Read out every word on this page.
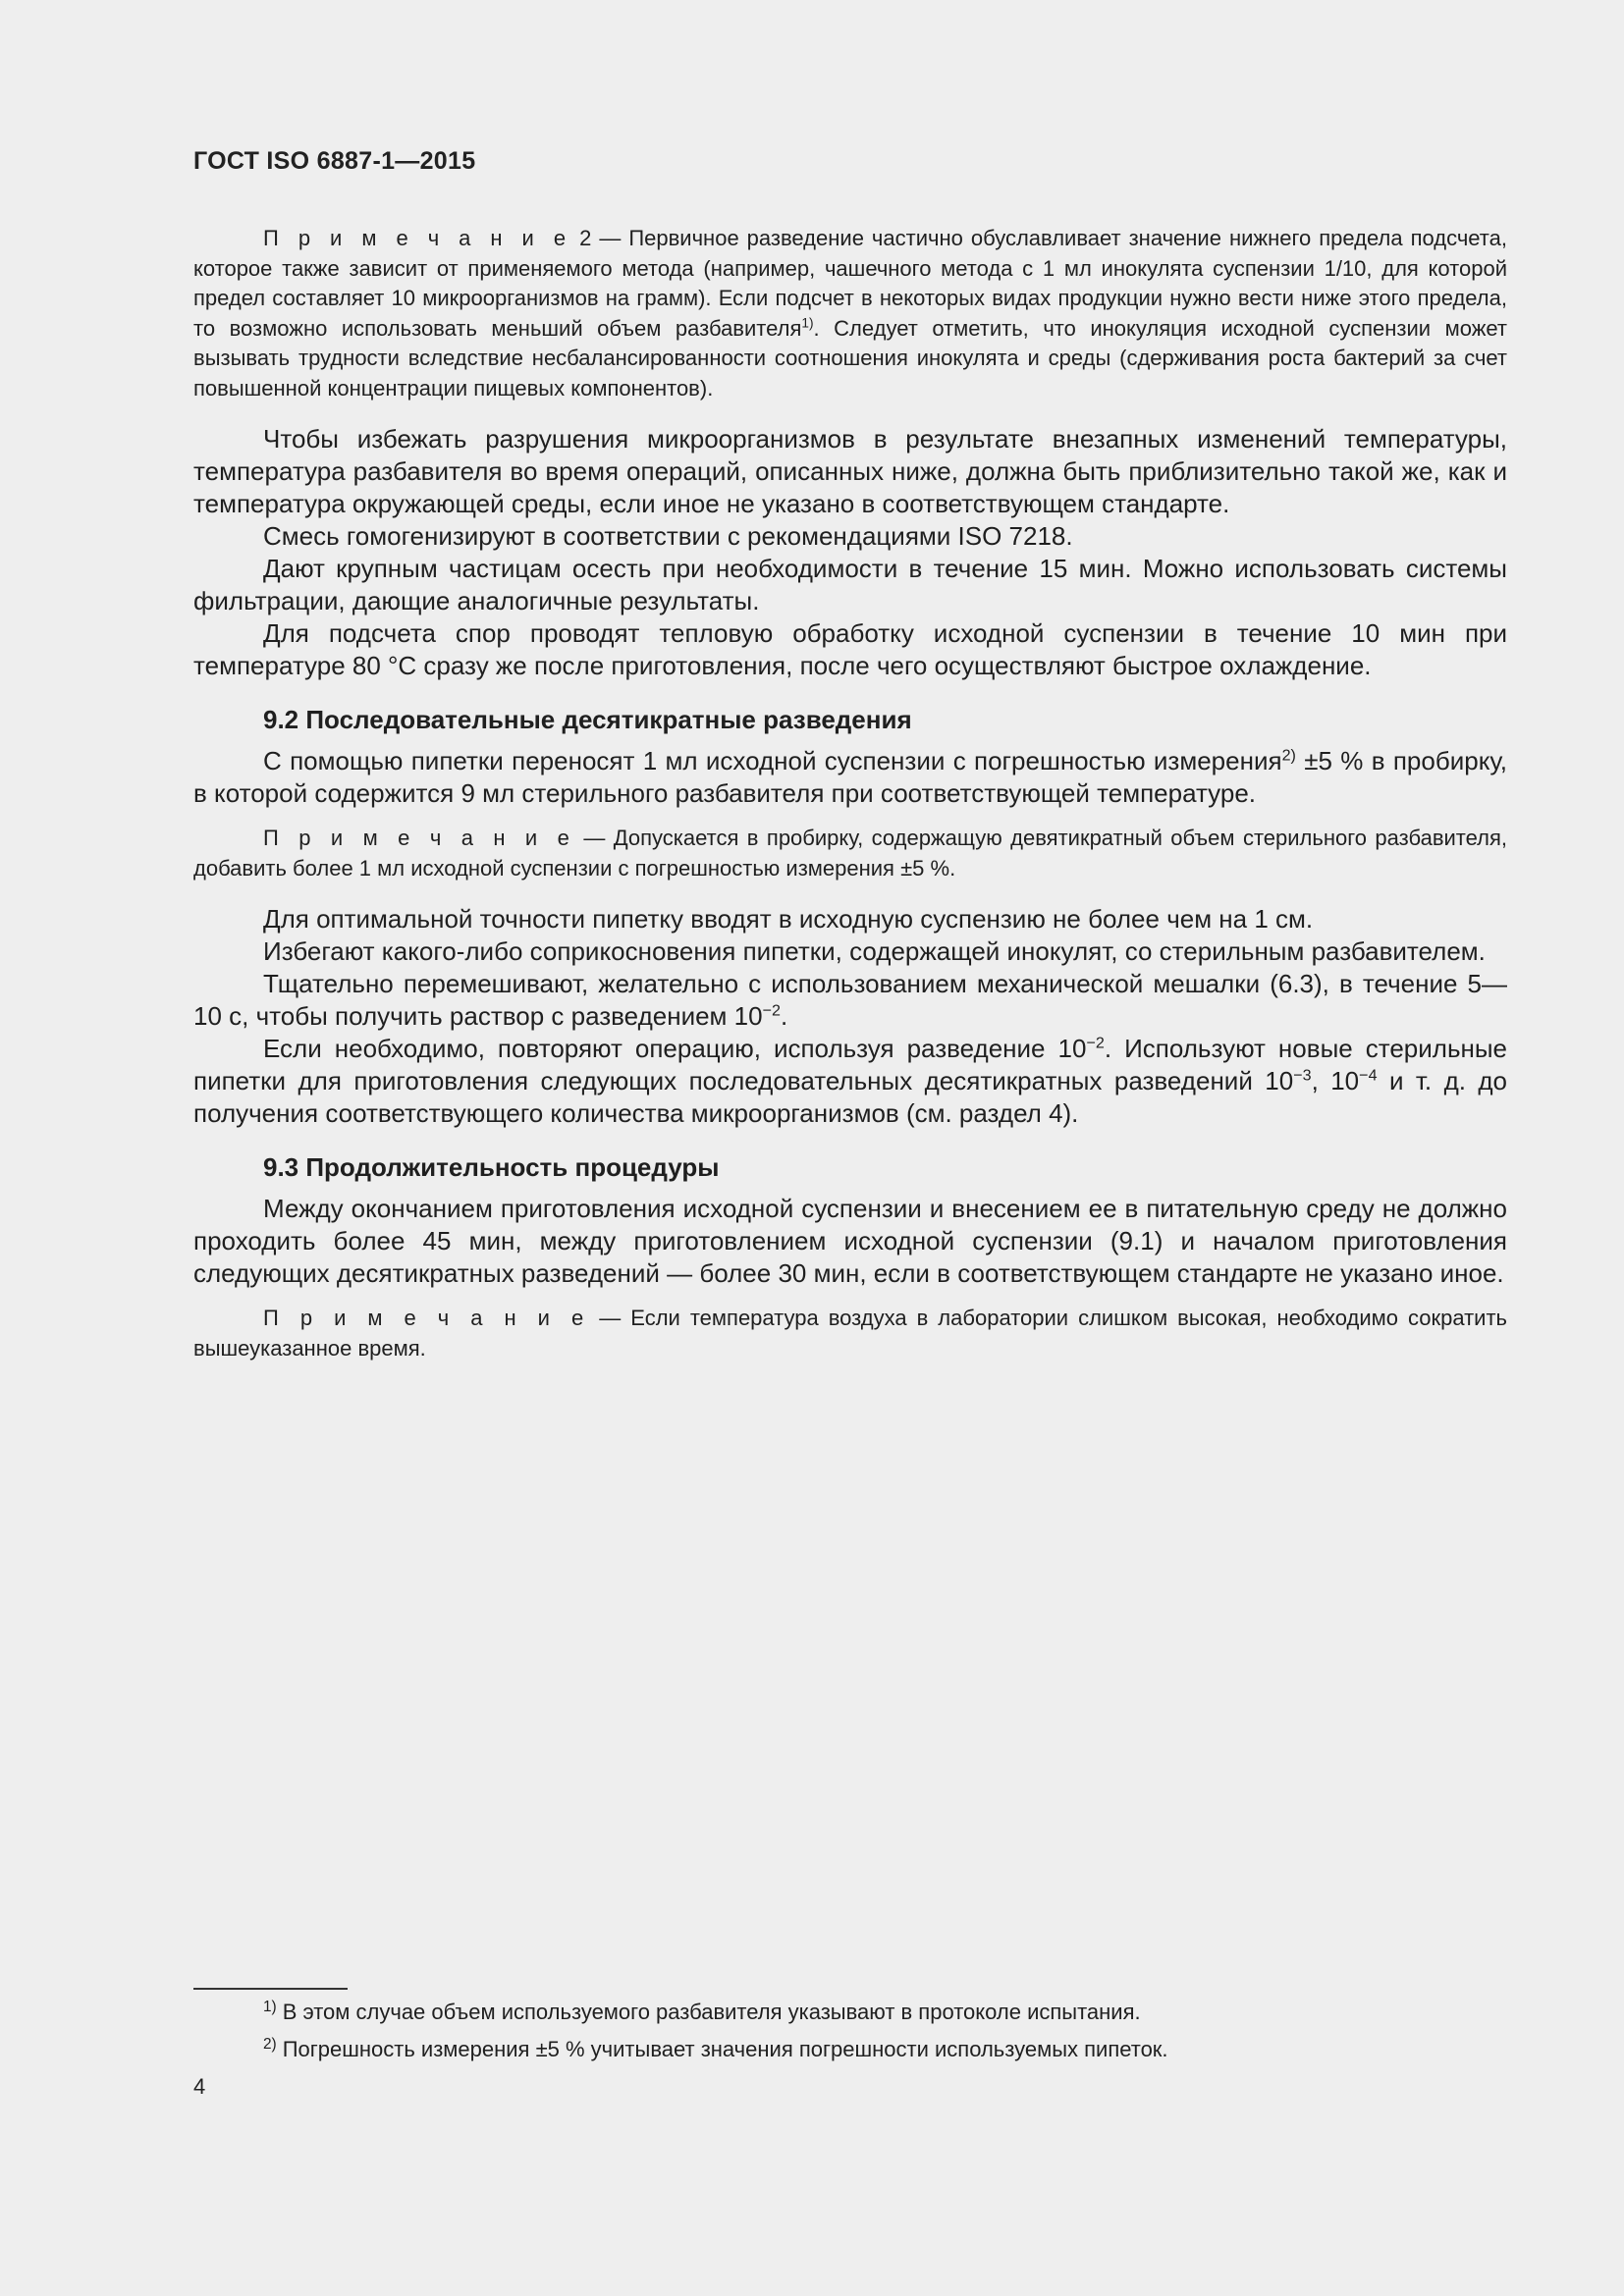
ГОСТ ISO 6887-1—2015

П р и м е ч а н и е 2 — Первичное разведение частично обуславливает значение нижнего предела подсчета, которое также зависит от применяемого метода (например, чашечного метода с 1 мл инокулята суспензии 1/10, для которой предел составляет 10 микроорганизмов на грамм). Если подсчет в некоторых видах продукции нужно вести ниже этого предела, то возможно использовать меньший объем разбавителя$^{1)}$. Следует отметить, что инокуляция исходной суспензии может вызывать трудности вследствие несбалансированности соотношения инокулята и среды (сдерживания роста бактерий за счет повышенной концентрации пищевых компонентов).

Чтобы избежать разрушения микроорганизмов в результате внезапных изменений температуры, температура разбавителя во время операций, описанных ниже, должна быть приблизительно такой же, как и температура окружающей среды, если иное не указано в соответствующем стандарте.

Смесь гомогенизируют в соответствии с рекомендациями ISO 7218.

Дают крупным частицам осесть при необходимости в течение 15 мин. Можно использовать системы фильтрации, дающие аналогичные результаты.

Для подсчета спор проводят тепловую обработку исходной суспензии в течение 10 мин при температуре 80 °С сразу же после приготовления, после чего осуществляют быстрое охлаждение.

9.2 Последовательные десятикратные разведения

С помощью пипетки переносят 1 мл исходной суспензии с погрешностью измерения$^{2)}$ ±5 % в пробирку, в которой содержится 9 мл стерильного разбавителя при соответствующей температуре.

П р и м е ч а н и е — Допускается в пробирку, содержащую девятикратный объем стерильного разбавителя, добавить более 1 мл исходной суспензии с погрешностью измерения ±5 %.

Для оптимальной точности пипетку вводят в исходную суспензию не более чем на 1 см.

Избегают какого-либо соприкосновения пипетки, содержащей инокулят, со стерильным разбавителем.

Тщательно перемешивают, желательно с использованием механической мешалки (6.3), в течение 5—10 с, чтобы получить раствор с разведением $10^{-2}$.

Если необходимо, повторяют операцию, используя разведение $10^{-2}$. Используют новые стерильные пипетки для приготовления следующих последовательных десятикратных разведений $10^{-3}$, $10^{-4}$ и т. д. до получения соответствующего количества микроорганизмов (см. раздел 4).

9.3 Продолжительность процедуры

Между окончанием приготовления исходной суспензии и внесением ее в питательную среду не должно проходить более 45 мин, между приготовлением исходной суспензии (9.1) и началом приготовления следующих десятикратных разведений — более 30 мин, если в соответствующем стандарте не указано иное.

П р и м е ч а н и е — Если температура воздуха в лаборатории слишком высокая, необходимо сократить вышеуказанное время.

$^{1)}$ В этом случае объем используемого разбавителя указывают в протоколе испытания.
$^{2)}$ Погрешность измерения ±5 % учитывает значения погрешности используемых пипеток.
4
